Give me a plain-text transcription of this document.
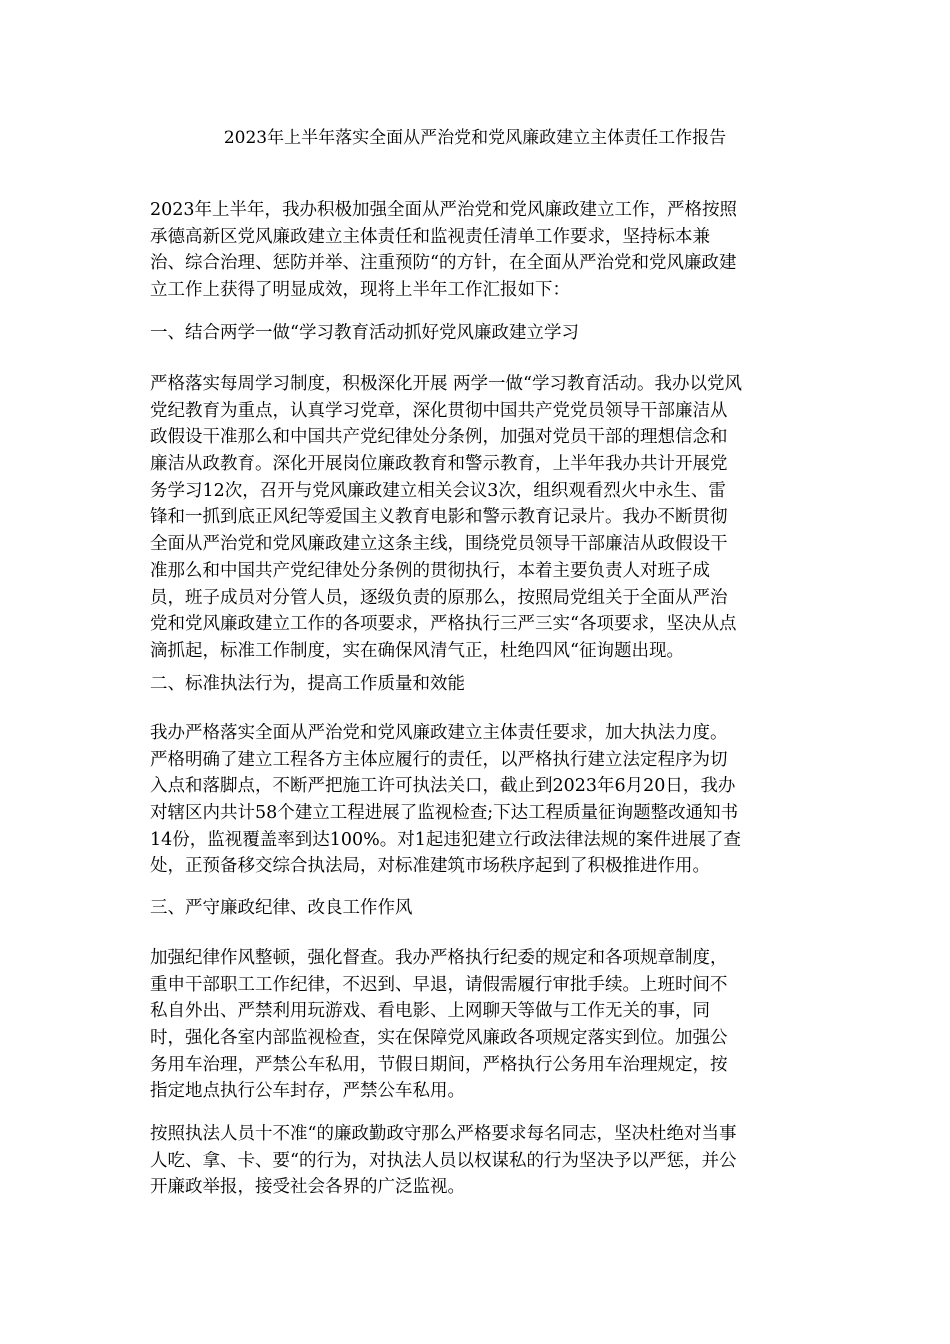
2023年上半年落实全面从严治党和党风廉政建立主体责任工作报告
2023年上半年，我办积极加强全面从严治党和党风廉政建立工作，严格按照
承德高新区党风廉政建立主体责任和监视责任清单工作要求，坚持标本兼
治、综合治理、惩防并举、注重预防“的方针，在全面从严治党和党风廉政建
立工作上获得了明显成效，现将上半年工作汇报如下：
一、结合两学一做“学习教育活动抓好党风廉政建立学习
严格落实每周学习制度，积极深化开展 两学一做“学习教育活动。我办以党风
党纪教育为重点，认真学习党章，深化贯彻中国共产党党员领导干部廉洁从
政假设干准那么和中国共产党纪律处分条例，加强对党员干部的理想信念和
廉洁从政教育。深化开展岗位廉政教育和警示教育，上半年我办共计开展党
务学习12次，召开与党风廉政建立相关会议3次，组织观看烈火中永生、雷
锋和一抓到底正风纪等爱国主义教育电影和警示教育记录片。我办不断贯彻
全面从严治党和党风廉政建立这条主线，围绕党员领导干部廉洁从政假设干
准那么和中国共产党纪律处分条例的贯彻执行，本着主要负责人对班子成
员，班子成员对分管人员，逐级负责的原那么，按照局党组关于全面从严治
党和党风廉政建立工作的各项要求，严格执行三严三实“各项要求，坚决从点
滴抓起，标准工作制度，实在确保风清气正，杜绝四风“征询题出现。
二、标准执法行为，提高工作质量和效能
我办严格落实全面从严治党和党风廉政建立主体责任要求，加大执法力度。
严格明确了建立工程各方主体应履行的责任，以严格执行建立法定程序为切
入点和落脚点，不断严把施工许可执法关口，截止到2023年6月20日，我办
对辖区内共计58个建立工程进展了监视检查;下达工程质量征询题整改通知书
14份，监视覆盖率到达100%。对1起违犯建立行政法律法规的案件进展了查
处，正预备移交综合执法局，对标准建筑市场秩序起到了积极推进作用。
三、严守廉政纪律、改良工作作风
加强纪律作风整顿，强化督查。我办严格执行纪委的规定和各项规章制度，
重申干部职工工作纪律，不迟到、早退，请假需履行审批手续。上班时间不
私自外出、严禁利用玩游戏、看电影、上网聊天等做与工作无关的事，同
时，强化各室内部监视检查，实在保障党风廉政各项规定落实到位。加强公
务用车治理，严禁公车私用，节假日期间，严格执行公务用车治理规定，按
指定地点执行公车封存，严禁公车私用。
按照执法人员十不准“的廉政勤政守那么严格要求每名同志，坚决杜绝对当事
人吃、拿、卡、要“的行为，对执法人员以权谋私的行为坚决予以严惩，并公
开廉政举报，接受社会各界的广泛监视。
